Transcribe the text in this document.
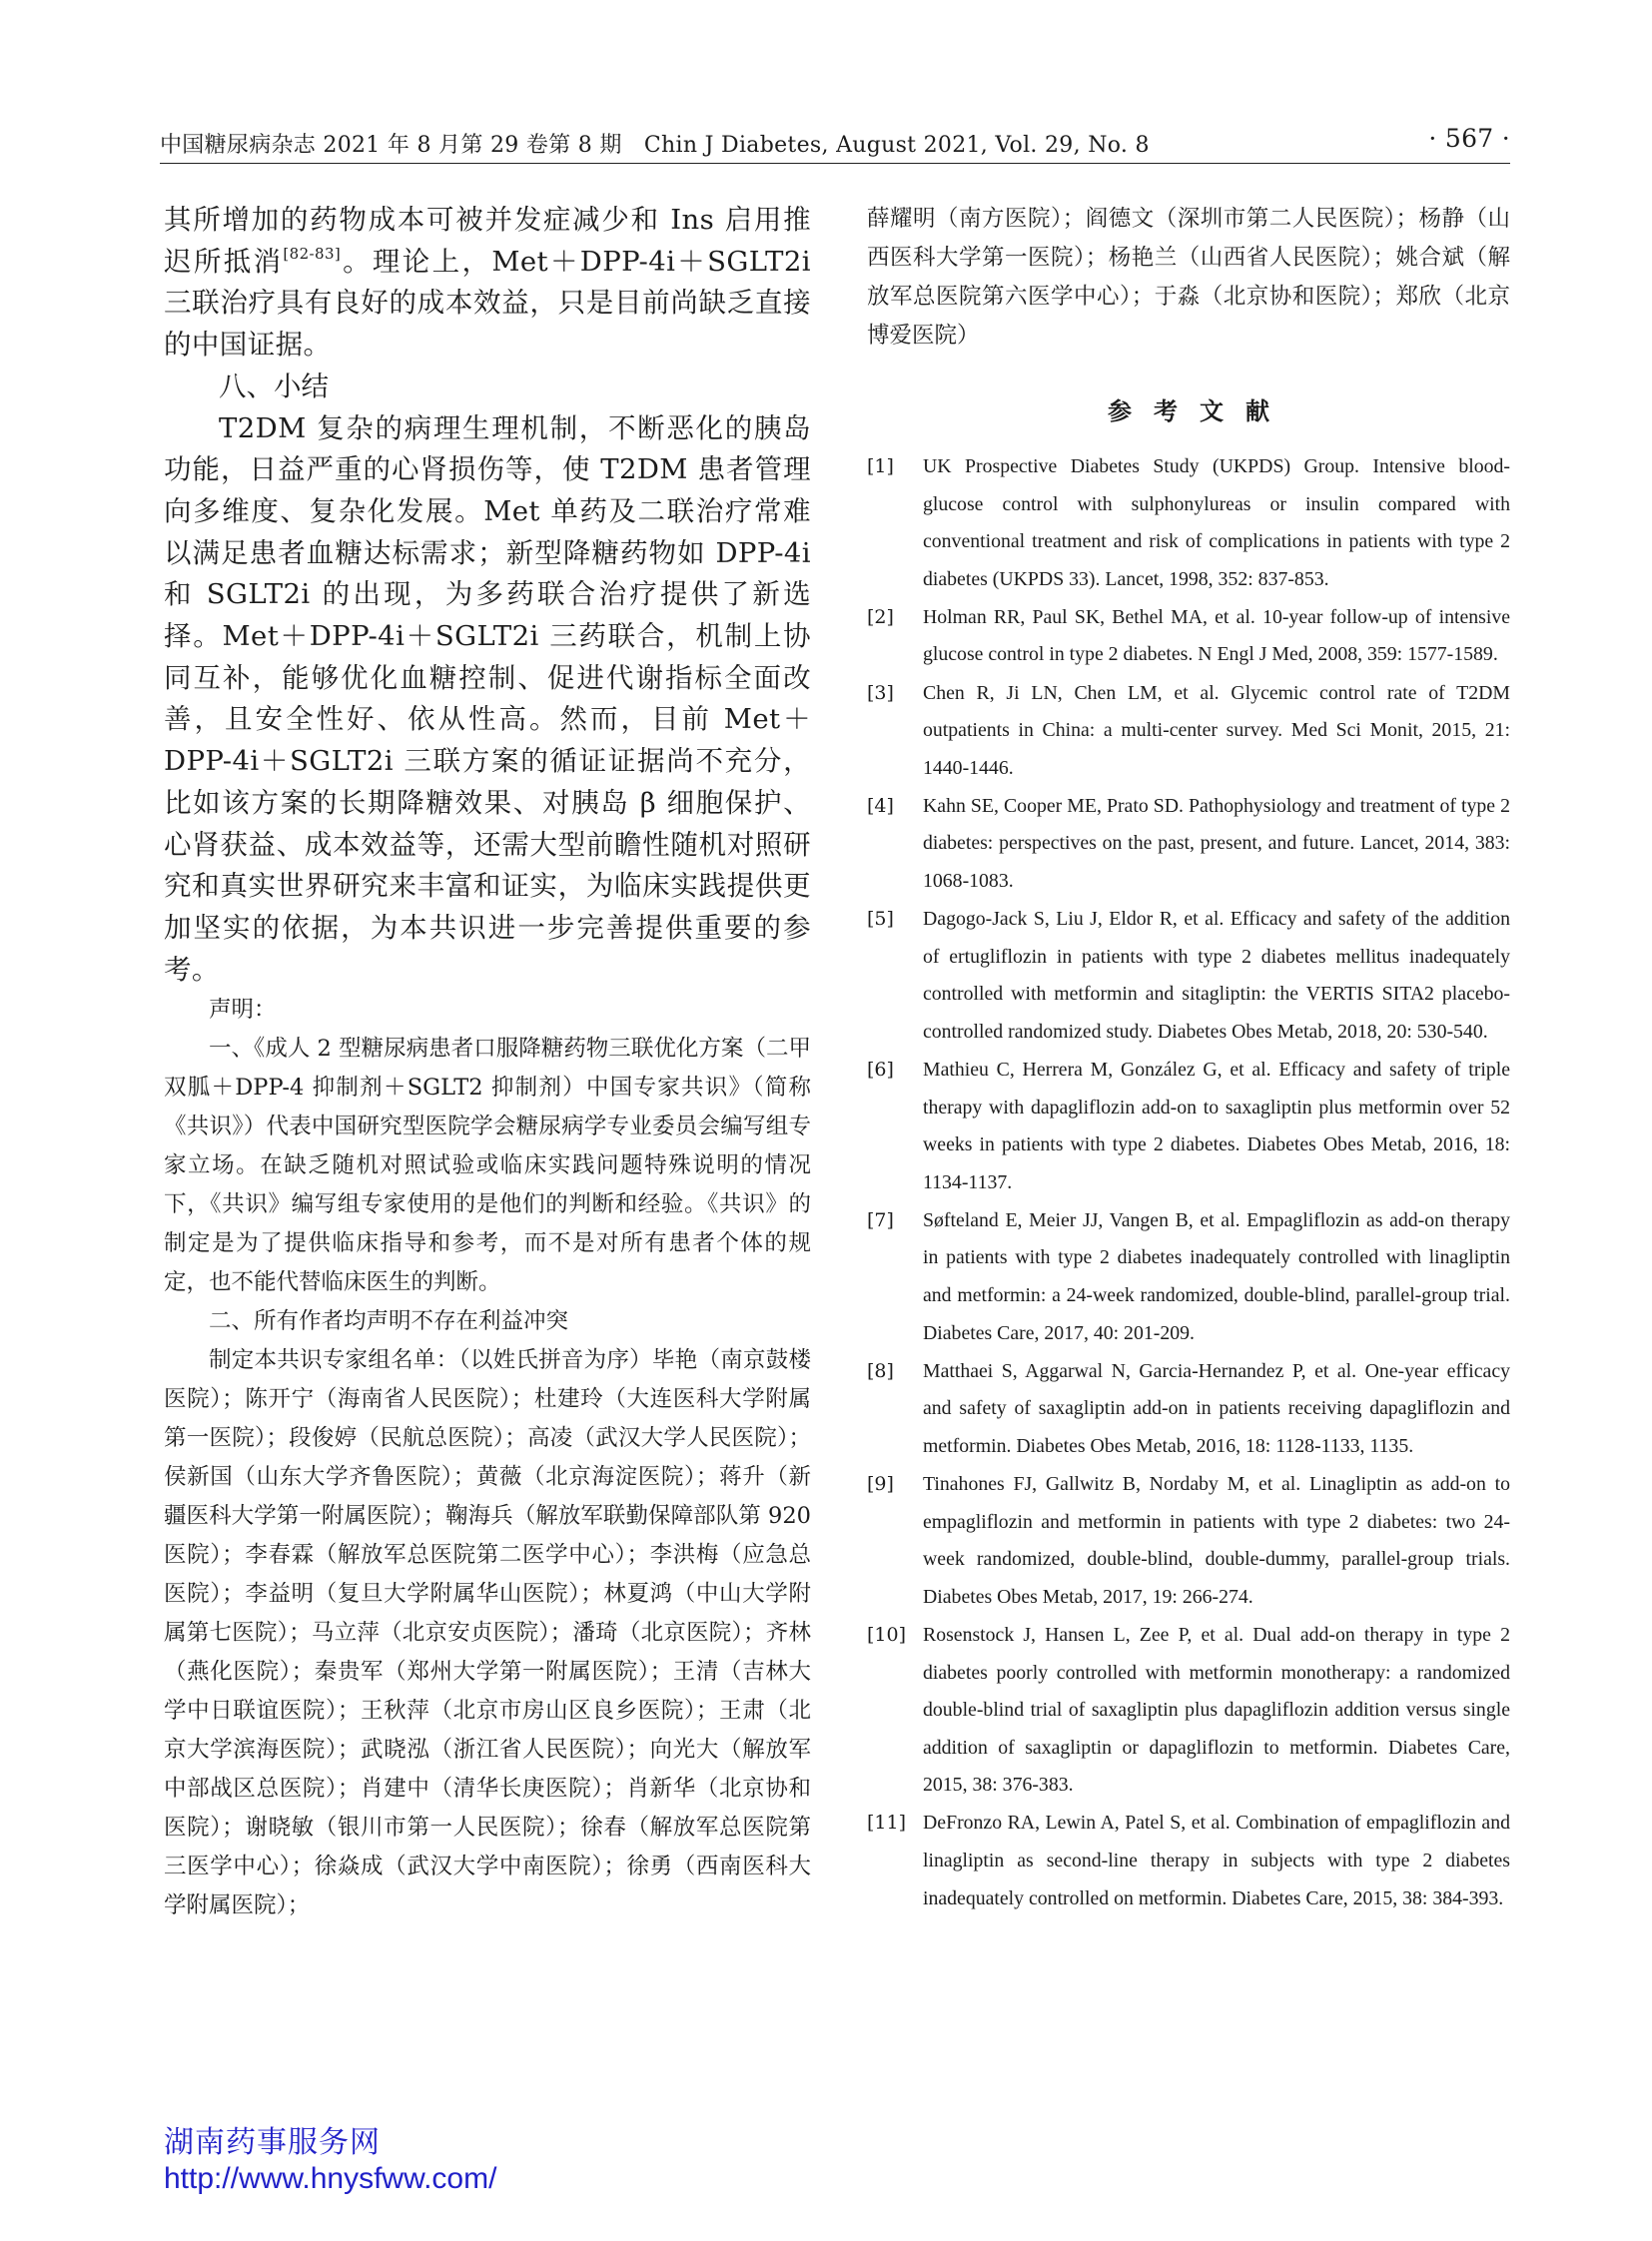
中国糖尿病杂志 2021 年 8 月第 29 卷第 8 期　Chin J Diabetes, August 2021, Vol. 29, No. 8	· 567 ·

其所增加的药物成本可被并发症减少和 Ins 启用推迟所抵消[82-83]。理论上，Met＋DPP-4i＋SGLT2i 三联治疗具有良好的成本效益，只是目前尚缺乏直接的中国证据。

八、小结

T2DM 复杂的病理生理机制，不断恶化的胰岛功能，日益严重的心肾损伤等，使 T2DM 患者管理向多维度、复杂化发展。Met 单药及二联治疗常难以满足患者血糖达标需求；新型降糖药物如 DPP-4i 和 SGLT2i 的出现，为多药联合治疗提供了新选择。Met＋DPP-4i＋SGLT2i 三药联合，机制上协同互补，能够优化血糖控制、促进代谢指标全面改善，且安全性好、依从性高。然而，目前 Met＋DPP-4i＋SGLT2i 三联方案的循证证据尚不充分，比如该方案的长期降糖效果、对胰岛 β 细胞保护、心肾获益、成本效益等，还需大型前瞻性随机对照研究和真实世界研究来丰富和证实，为临床实践提供更加坚实的依据，为本共识进一步完善提供重要的参考。

声明：

一、《成人 2 型糖尿病患者口服降糖药物三联优化方案（二甲双胍＋DPP-4 抑制剂＋SGLT2 抑制剂）中国专家共识》（简称《共识》）代表中国研究型医院学会糖尿病学专业委员会编写组专家立场。在缺乏随机对照试验或临床实践问题特殊说明的情况下，《共识》编写组专家使用的是他们的判断和经验。《共识》的制定是为了提供临床指导和参考，而不是对所有患者个体的规定，也不能代替临床医生的判断。

二、所有作者均声明不存在利益冲突

制定本共识专家组名单：（以姓氏拼音为序）毕艳（南京鼓楼医院）；陈开宁（海南省人民医院）；杜建玲（大连医科大学附属第一医院）；段俊婷（民航总医院）；高凌（武汉大学人民医院）；侯新国（山东大学齐鲁医院）；黄薇（北京海淀医院）；蒋升（新疆医科大学第一附属医院）；鞠海兵（解放军联勤保障部队第 920 医院）；李春霖（解放军总医院第二医学中心）；李洪梅（应急总医院）；李益明（复旦大学附属华山医院）；林夏鸿（中山大学附属第七医院）；马立萍（北京安贞医院）；潘琦（北京医院）；齐林（燕化医院）；秦贵军（郑州大学第一附属医院）；王清（吉林大学中日联谊医院）；王秋萍（北京市房山区良乡医院）；王肃（北京大学滨海医院）；武晓泓（浙江省人民医院）；向光大（解放军中部战区总医院）；肖建中（清华长庚医院）；肖新华（北京协和医院）；谢晓敏（银川市第一人民医院）；徐春（解放军总医院第三医学中心）；徐焱成（武汉大学中南医院）；徐勇（西南医科大学附属医院）；

薛耀明（南方医院）；阎德文（深圳市第二人民医院）；杨静（山西医科大学第一医院）；杨艳兰（山西省人民医院）；姚合斌（解放军总医院第六医学中心）；于淼（北京协和医院）；郑欣（北京博爱医院）

参考文献
[1] UK Prospective Diabetes Study (UKPDS) Group. Intensive blood-glucose control with sulphonylureas or insulin compared with conventional treatment and risk of complications in patients with type 2 diabetes (UKPDS 33). Lancet, 1998, 352: 837-853.
[2] Holman RR, Paul SK, Bethel MA, et al. 10-year follow-up of intensive glucose control in type 2 diabetes. N Engl J Med, 2008, 359: 1577-1589.
[3] Chen R, Ji LN, Chen LM, et al. Glycemic control rate of T2DM outpatients in China: a multi-center survey. Med Sci Monit, 2015, 21: 1440-1446.
[4] Kahn SE, Cooper ME, Prato SD. Pathophysiology and treatment of type 2 diabetes: perspectives on the past, present, and future. Lancet, 2014, 383: 1068-1083.
[5] Dagogo-Jack S, Liu J, Eldor R, et al. Efficacy and safety of the addition of ertugliflozin in patients with type 2 diabetes mellitus inadequately controlled with metformin and sitagliptin: the VERTIS SITA2 placebo-controlled randomized study. Diabetes Obes Metab, 2018, 20: 530-540.
[6] Mathieu C, Herrera M, González G, et al. Efficacy and safety of triple therapy with dapagliflozin add-on to saxagliptin plus metformin over 52 weeks in patients with type 2 diabetes. Diabetes Obes Metab, 2016, 18: 1134-1137.
[7] Søfteland E, Meier JJ, Vangen B, et al. Empagliflozin as add-on therapy in patients with type 2 diabetes inadequately controlled with linagliptin and metformin: a 24-week randomized, double-blind, parallel-group trial. Diabetes Care, 2017, 40: 201-209.
[8] Matthaei S, Aggarwal N, Garcia-Hernandez P, et al. One-year efficacy and safety of saxagliptin add-on in patients receiving dapagliflozin and metformin. Diabetes Obes Metab, 2016, 18: 1128-1133, 1135.
[9] Tinahones FJ, Gallwitz B, Nordaby M, et al. Linagliptin as add-on to empagliflozin and metformin in patients with type 2 diabetes: two 24-week randomized, double-blind, double-dummy, parallel-group trials. Diabetes Obes Metab, 2017, 19: 266-274.
[10] Rosenstock J, Hansen L, Zee P, et al. Dual add-on therapy in type 2 diabetes poorly controlled with metformin monotherapy: a randomized double-blind trial of saxagliptin plus dapagliflozin addition versus single addition of saxagliptin or dapagliflozin to metformin. Diabetes Care, 2015, 38: 376-383.
[11] DeFronzo RA, Lewin A, Patel S, et al. Combination of empagliflozin and linagliptin as second-line therapy in subjects with type 2 diabetes inadequately controlled on metformin. Diabetes Care, 2015, 38: 384-393.
湖南药事服务网
http://www.hnysfww.com/
